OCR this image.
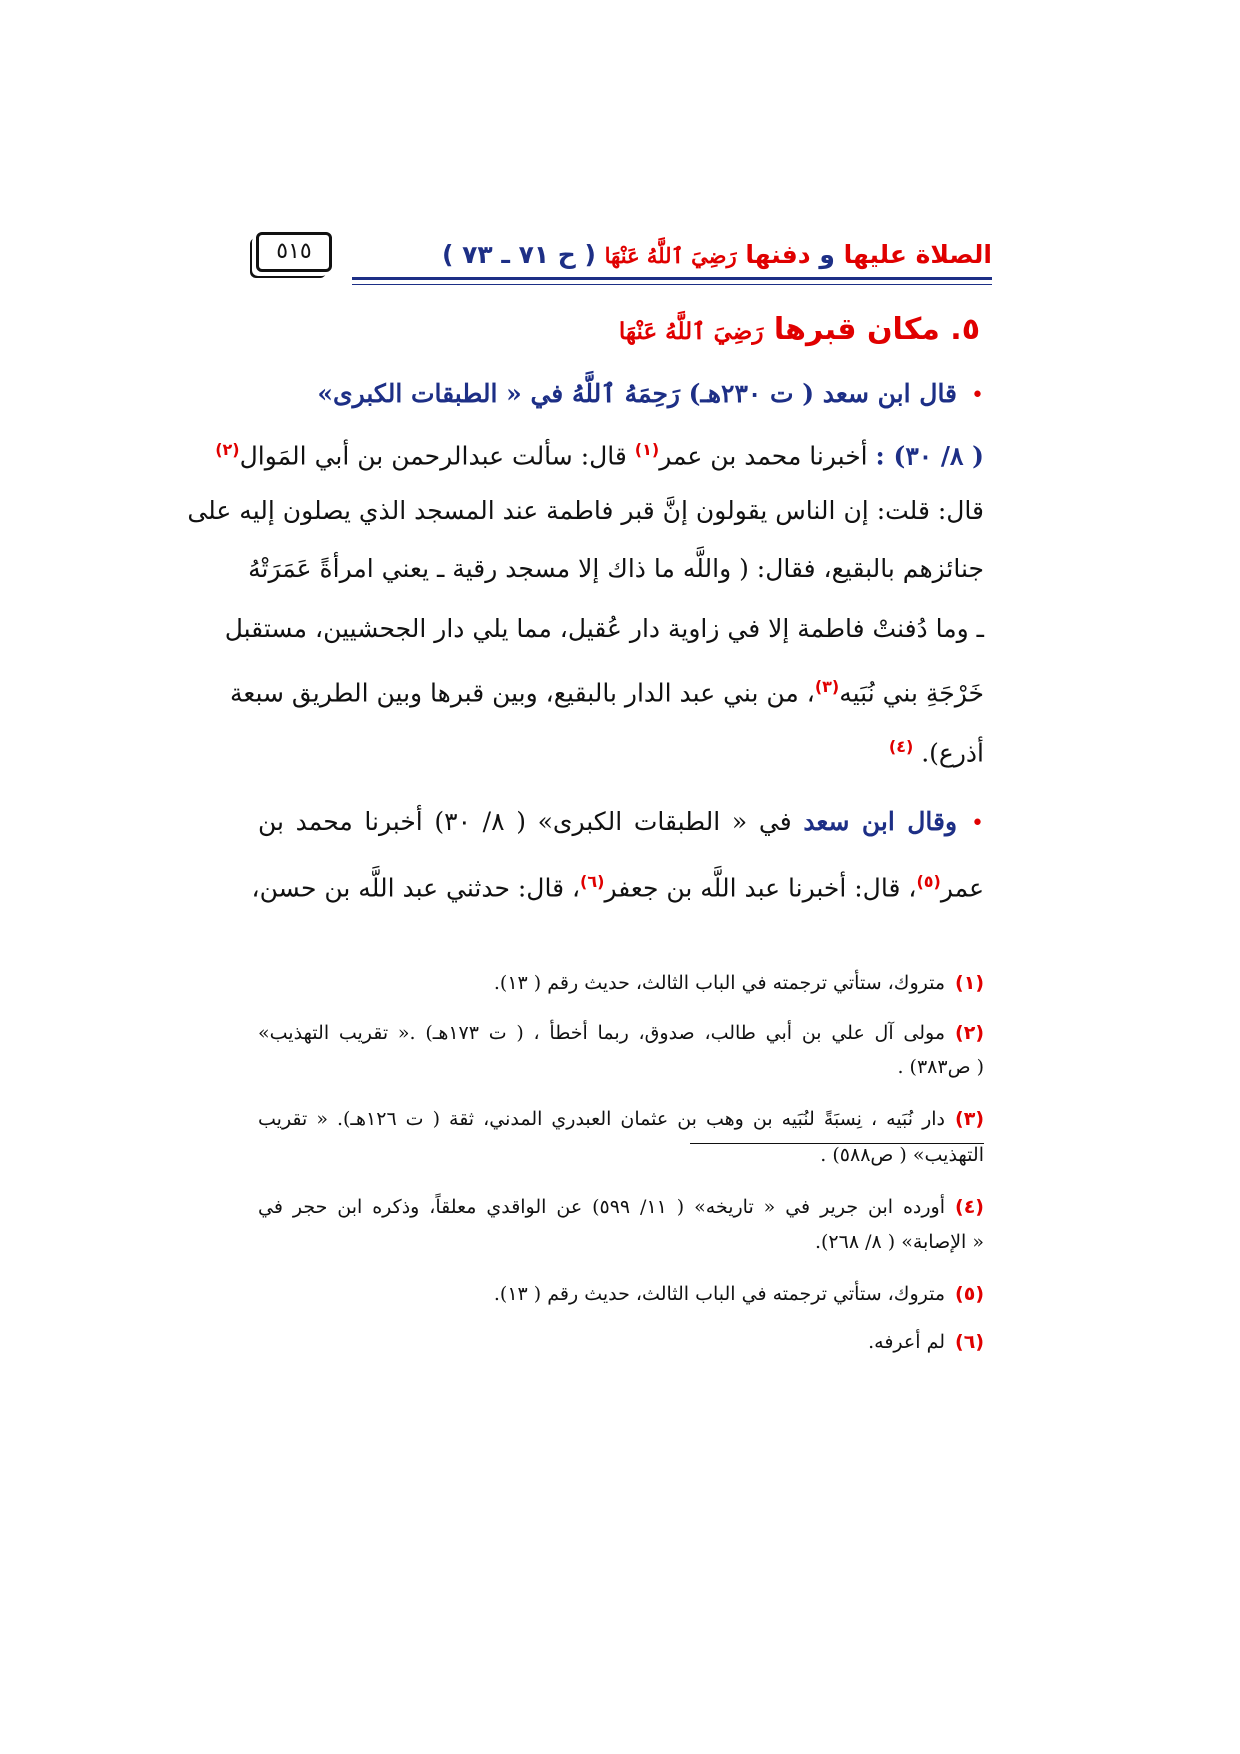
الصلاة عليها و دفنها رَضِيَ ٱللَّهُ عَنْهَا ( ح ٧١ ـ ٧٣ )
٥١٥
٥. مكان قبرها رَضِيَ ٱللَّهُ عَنْهَا
•قال ابن سعد ( ت ٢٣٠هـ) رَحِمَهُ ٱللَّهُ في « الطبقات الكبرى»
( ٨/ ٣٠) : أخبرنا محمد بن عمر$^{(١)}$ قال: سألت عبدالرحمن بن أبي المَوال$^{(٢)}$
قال: قلت: إن الناس يقولون إنَّ قبر فاطمة عند المسجد الذي يصلون إليه على
جنائزهم بالبقيع، فقال: ( واللَّه ما ذاك إلا مسجد رقية ـ يعني امرأةً عَمَرَتْهُ
ـ وما دُفنتْ فاطمة إلا في زاوية دار عُقيل، مما يلي دار الجحشيين، مستقبل
خَرْجَةِ بني نُبَيه$^{(٣)}$، من بني عبد الدار بالبقيع، وبين قبرها وبين الطريق سبعة
أذرع). $^{(٤)}$
•وقال ابن سعد في « الطبقات الكبرى» ( ٨/ ٣٠) أخبرنا محمد بن
عمر$^{(٥)}$، قال: أخبرنا عبد اللَّه بن جعفر$^{(٦)}$، قال: حدثني عبد اللَّه بن حسن،
(١)متروك، ستأتي ترجمته في الباب الثالث، حديث رقم ( ١٣).
(٢)مولى آل علي بن أبي طالب، صدوق، ربما أخطأ ، ( ت ١٧٣هـ) .« تقريب التهذيب»
( ص٣٨٣) .
(٣)دار نُبَيه ، نِسبَةً لنُبَيه بن وهب بن عثمان العبدري المدني، ثقة ( ت ١٢٦هـ). « تقريب
التهذيب» ( ص٥٨٨) .
(٤)أورده ابن جرير في « تاريخه» ( ١١/ ٥٩٩) عن الواقدي معلقاً، وذكره ابن حجر في
« الإصابة» ( ٨/ ٢٦٨).
(٥)متروك، ستأتي ترجمته في الباب الثالث، حديث رقم ( ١٣).
(٦)لم أعرفه.
